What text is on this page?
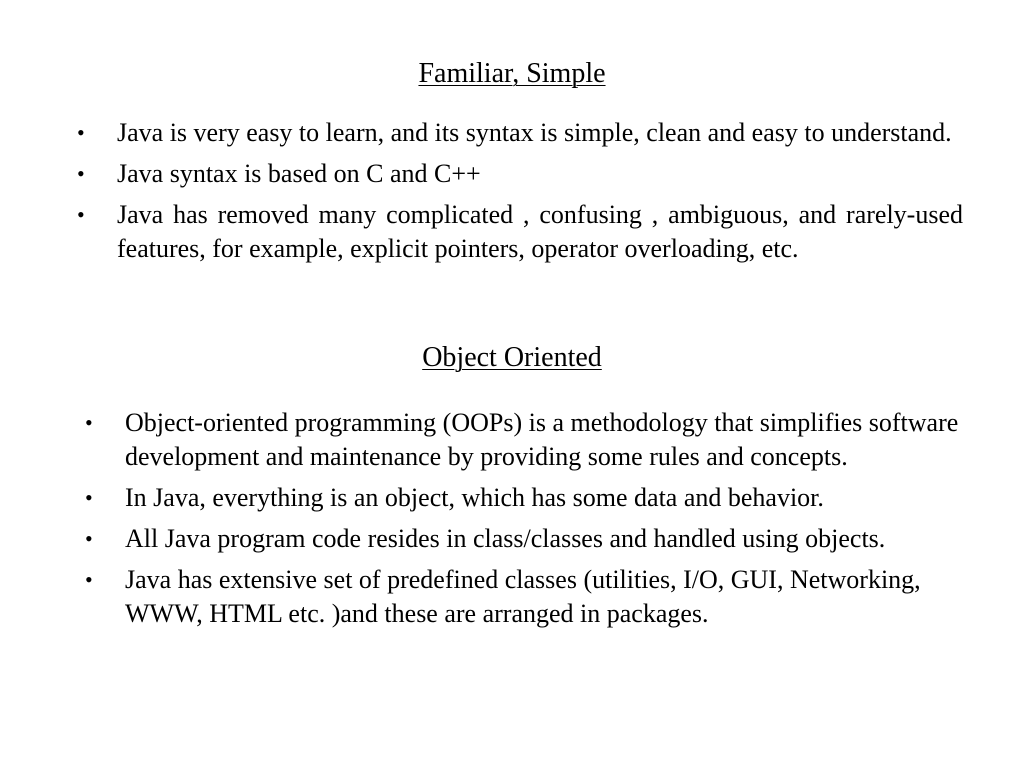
Familiar, Simple
• Java is very easy to learn, and its syntax is simple, clean and easy to understand.
• Java syntax is based on C and C++
• Java has removed many complicated , confusing , ambiguous, and rarely-used features, for example, explicit pointers, operator overloading, etc.
Object Oriented
• Object-oriented programming (OOPs) is a methodology that simplifies software development and maintenance by providing some rules and concepts.
• In Java, everything is an object, which has some data and behavior.
• All Java program code resides in class/classes and handled using objects.
• Java has extensive set of predefined classes (utilities, I/O, GUI, Networking, WWW, HTML etc. )and these are arranged in packages.
